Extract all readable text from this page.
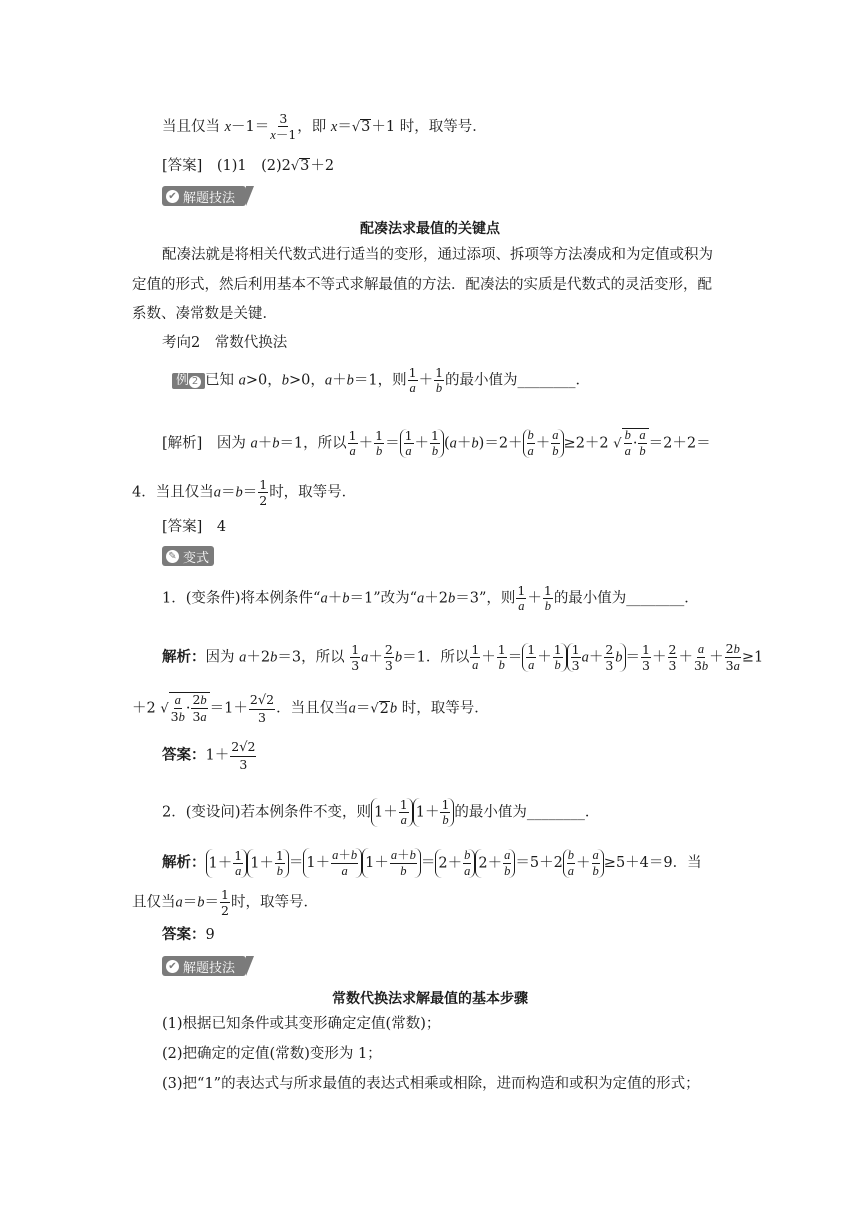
当且仅当 $x-1= \frac{3}{x-1}$ ，即 x＝√3＋1 时，取等号．
[答案]　 (1)1　(2)2√3＋2
✔ 解题技法
配凑法求最值的关键点
配凑法就是将相关代数式进行适当的变形，通过添项、拆项等方法凑成和为定值或积为
定值的形式，然后利用基本不等式求解最值的方法．配凑法的实质是代数式的灵活变形，配
系数、凑常数是关键．
考向2　常数代换法
例 2 已知 a>0，b>0，a＋b＝1，则 $\frac{1}{a} + \frac{1}{b}$ 的最小值为________．
[解析]　 因为 a＋b＝1，所以 $\frac{1}{a} + \frac{1}{b} = \frac{1}{a} + \frac{1}{b} (a+b)=2+ \frac{b}{a} + \frac{a}{b} \ge 2+2$ √ $\frac{b}{a} \cdot \frac{a}{b} =2+2=$
4．当且仅当$a=b= \frac{1}{2}$ 时，取等号．
[答案]　 4
✎ 变式
1．(变条件)将本例条件“a＋b＝1”改为“a＋2b＝3”，则 $\frac{1}{a} + \frac{1}{b}$ 的最小值为________．
解析：因为 a＋2b＝3，所以 $\frac{1}{3} a+ \frac{2}{3} b=1$．所以 $\frac{1}{a} + \frac{1}{b} = \frac{1}{a} + \frac{1}{b} \frac{1}{3} a+ \frac{2}{3}$ $b = \frac{1}{3} + \frac{2}{3} + \frac{a}{3b} + \frac{2b}{3a} \ge 1$
＋2 √ $\frac{a}{3b} \cdot \frac{2b}{3a} =1+ \frac{2√2}{3}$ ．当且仅当a＝√2b 时，取等号．
答案：$1+ \frac{2√2}{3}$
2．(变设问)若本例条件不变，则 $1+ \frac{1}{a} 1+ \frac{1}{b}$ 的最小值为________．
解析： $1+ \frac{1}{a} 1+ \frac{1}{b} = 1+ \frac{a+b}{a} 1+ \frac{a+b}{b} = 2+ \frac{b}{a} 2+ \frac{a}{b} =5+2 \frac{b}{a} + \frac{a}{b} \ge 5+4=9$．当
且仅当$a=b= \frac{1}{2}$ 时，取等号．
答案：9
✔ 解题技法
常数代换法求解最值的基本步骤
(1)根据已知条件或其变形确定定值(常数)；
(2)把确定的定值(常数)变形为 1；
(3)把“1”的表达式与所求最值的表达式相乘或相除，进而构造和或积为定值的形式；
